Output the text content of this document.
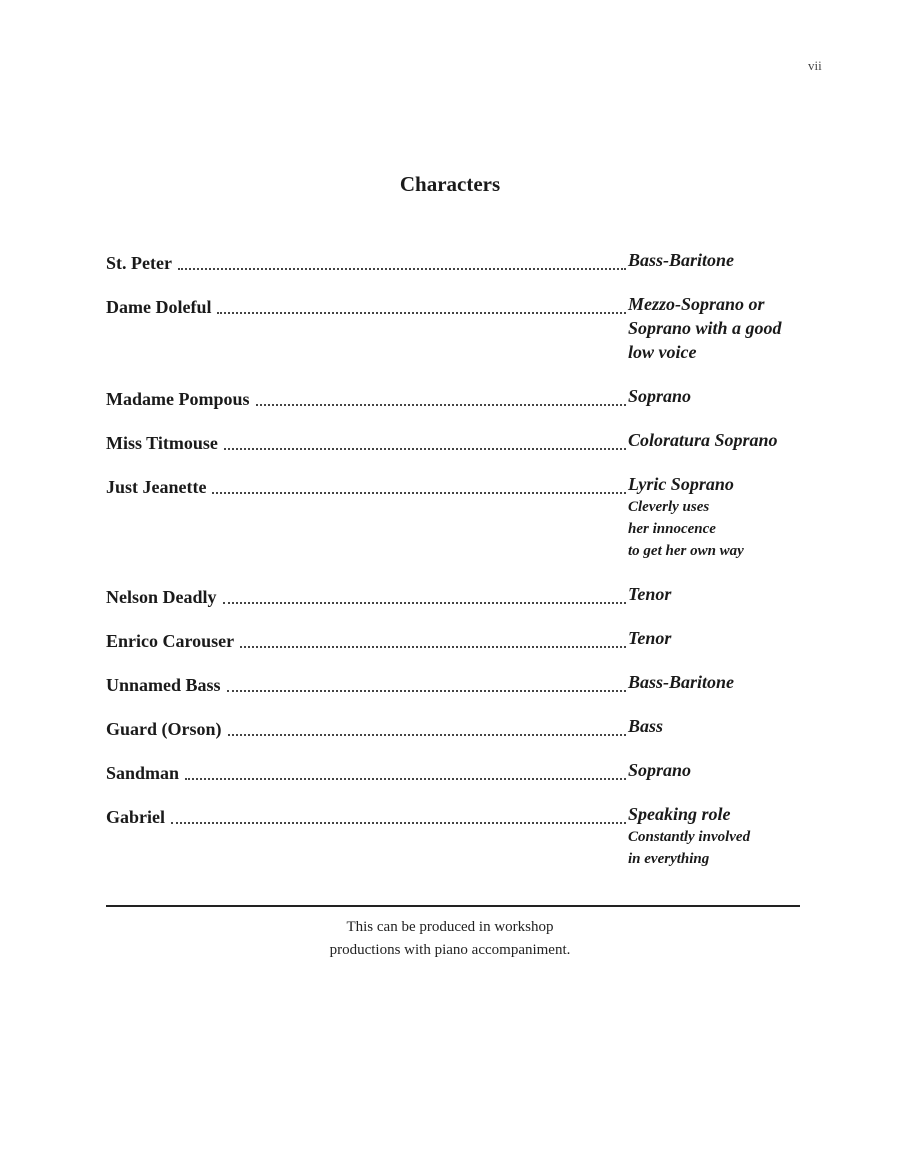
vii
Characters
St. Peter	Bass-Baritone
Dame Doleful	Mezzo-Soprano or
Soprano with a good
low voice
Madame Pompous	Soprano
Miss Titmouse	Coloratura Soprano
Just Jeanette	Lyric Soprano
Cleverly uses
her innocence
to get her own way
Nelson Deadly	Tenor
Enrico Carouser	Tenor
Unnamed Bass	Bass-Baritone
Guard (Orson)	Bass
Sandman	Soprano
Gabriel	Speaking role
Constantly involved
in everything
This can be produced in workshop
productions with piano accompaniment.
